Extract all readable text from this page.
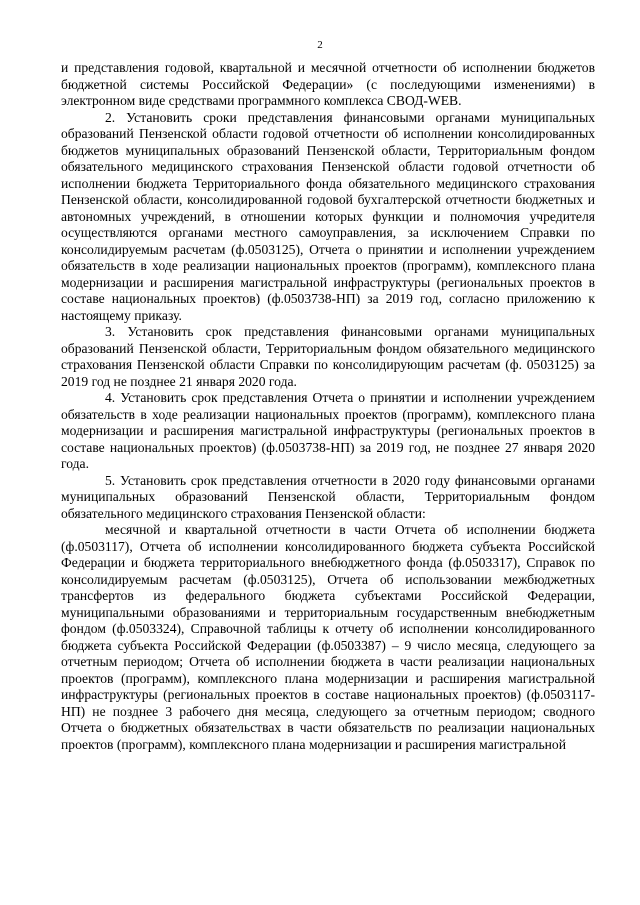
2

и представления годовой, квартальной и месячной отчетности об исполнении бюджетов бюджетной системы Российской Федерации» (с последующими изменениями) в электронном виде средствами программного комплекса СВОД-WEB.

2. Установить сроки представления финансовыми органами муниципальных образований Пензенской области годовой отчетности об исполнении консолидированных бюджетов муниципальных образований Пензенской области, Территориальным фондом обязательного медицинского страхования Пензенской области годовой отчетности об исполнении бюджета Территориального фонда обязательного медицинского страхования Пензенской области, консолидированной годовой бухгалтерской отчетности бюджетных и автономных учреждений, в отношении которых функции и полномочия учредителя осуществляются органами местного самоуправления, за исключением Справки по консолидируемым расчетам (ф.0503125), Отчета о принятии и исполнении учреждением обязательств в ходе реализации национальных проектов (программ), комплексного плана модернизации и расширения магистральной инфраструктуры (региональных проектов в составе национальных проектов) (ф.0503738-НП) за 2019 год, согласно приложению к настоящему приказу.

3. Установить срок представления финансовыми органами муниципальных образований Пензенской области, Территориальным фондом обязательного медицинского страхования Пензенской области Справки по консолидирующим расчетам (ф. 0503125) за 2019 год не позднее 21 января 2020 года.

4. Установить срок представления Отчета о принятии и исполнении учреждением обязательств в ходе реализации национальных проектов (программ), комплексного плана модернизации и расширения магистральной инфраструктуры (региональных проектов в составе национальных проектов) (ф.0503738-НП) за 2019 год, не позднее 27 января 2020 года.

5. Установить срок представления отчетности в 2020 году финансовыми органами муниципальных образований Пензенской области, Территориальным фондом обязательного медицинского страхования Пензенской области:

месячной и квартальной отчетности в части Отчета об исполнении бюджета (ф.0503117), Отчета об исполнении консолидированного бюджета субъекта Российской Федерации и бюджета территориального внебюджетного фонда (ф.0503317), Справок по консолидируемым расчетам (ф.0503125), Отчета об использовании межбюджетных трансфертов из федерального бюджета субъектами Российской Федерации, муниципальными образованиями и территориальным государственным внебюджетным фондом (ф.0503324), Справочной таблицы к отчету об исполнении консолидированного бюджета субъекта Российской Федерации (ф.0503387) – 9 число месяца, следующего за отчетным периодом; Отчета об исполнении бюджета в части реализации национальных проектов (программ), комплексного плана модернизации и расширения магистральной инфраструктуры (региональных проектов в составе национальных проектов) (ф.0503117-НП) не позднее 3 рабочего дня месяца, следующего за отчетным периодом; сводного Отчета о бюджетных обязательствах в части обязательств по реализации национальных проектов (программ), комплексного плана модернизации и расширения магистральной
